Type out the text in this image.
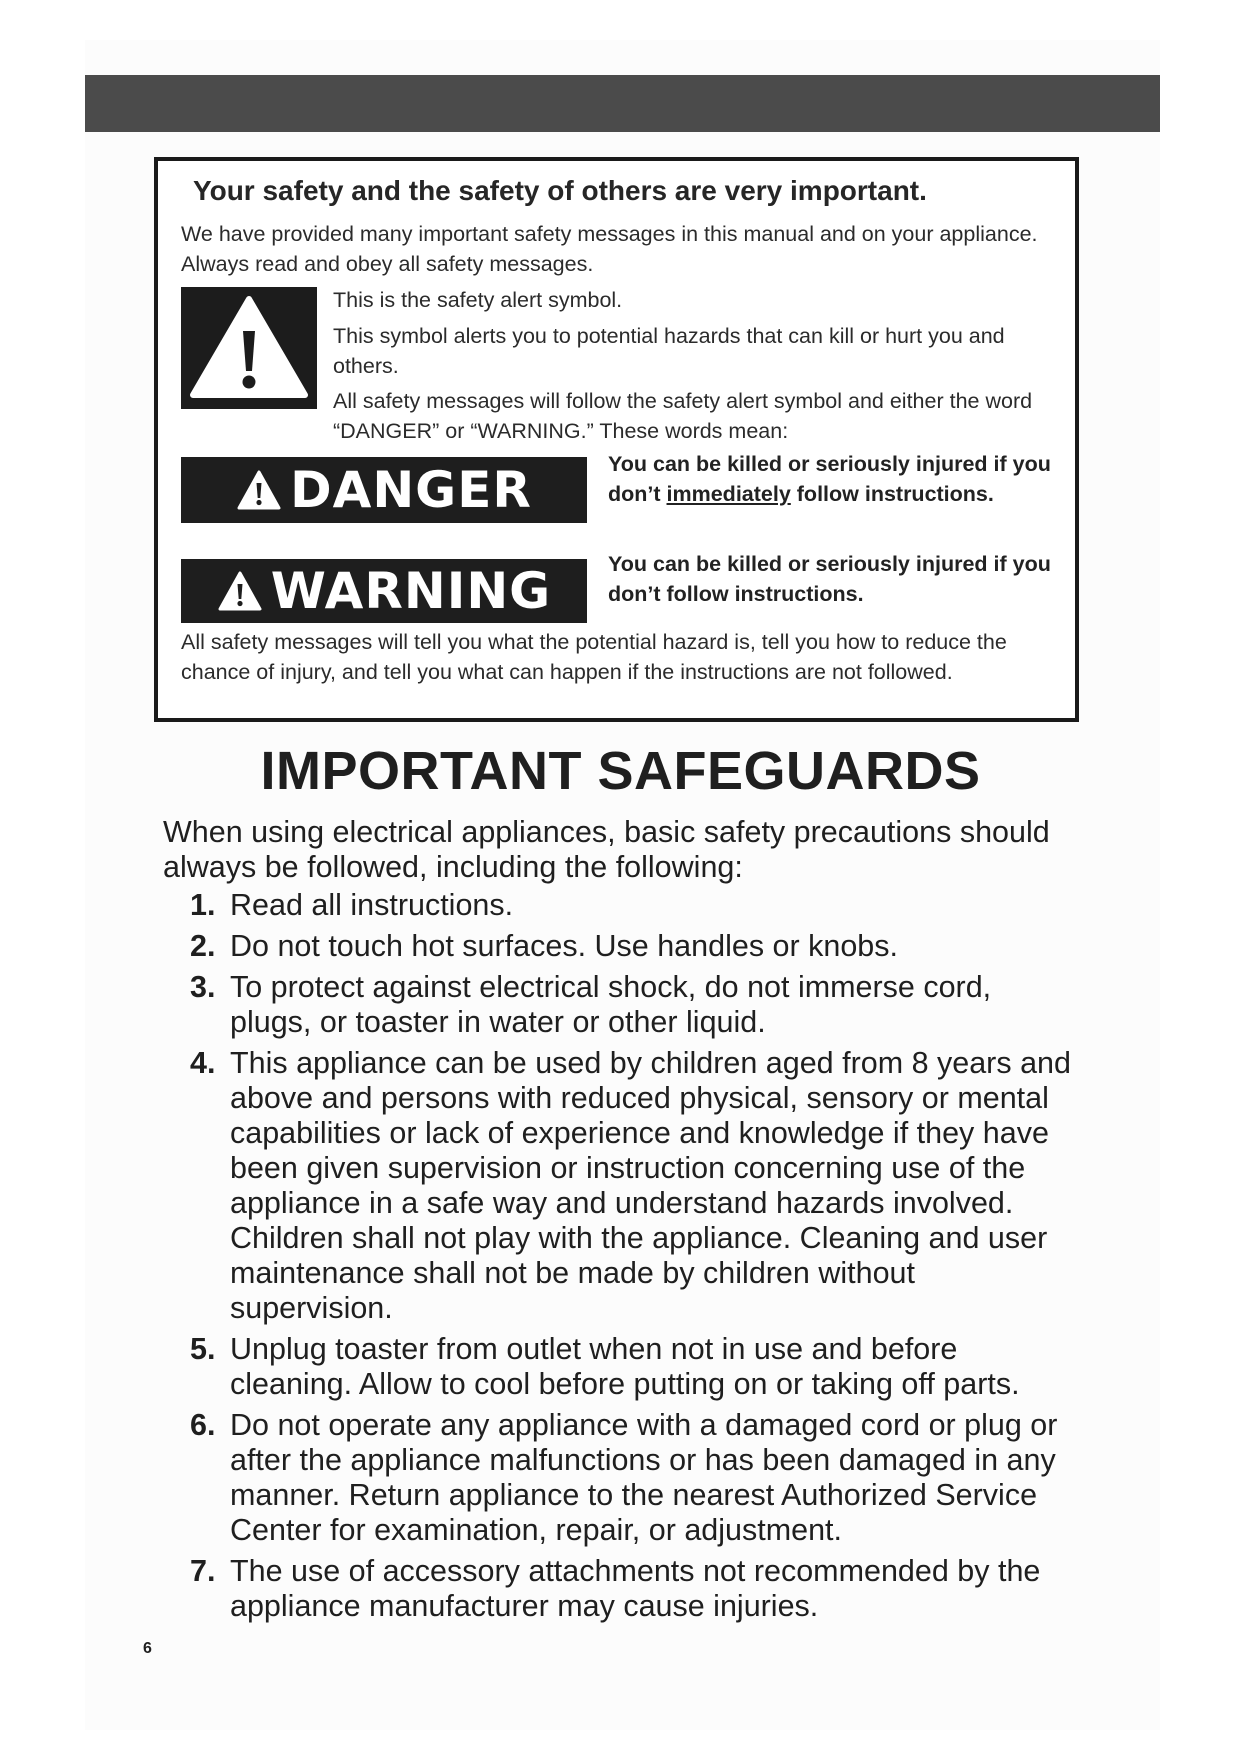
Your safety and the safety of others are very important.
We have provided many important safety messages in this manual and on your appliance. Always read and obey all safety messages.
This is the safety alert symbol.
This symbol alerts you to potential hazards that can kill or hurt you and others.
All safety messages will follow the safety alert symbol and either the word “DANGER” or “WARNING.” These words mean:
DANGER	You can be killed or seriously injured if you don’t immediately follow instructions.
WARNING	You can be killed or seriously injured if you don’t follow instructions.
All safety messages will tell you what the potential hazard is, tell you how to reduce the chance of injury, and tell you what can happen if the instructions are not followed.
IMPORTANT SAFEGUARDS
When using electrical appliances, basic safety precautions should always be followed, including the following:
1. Read all instructions.
2. Do not touch hot surfaces. Use handles or knobs.
3. To protect against electrical shock, do not immerse cord, plugs, or toaster in water or other liquid.
4. This appliance can be used by children aged from 8 years and above and persons with reduced physical, sensory or mental capabilities or lack of experience and knowledge if they have been given supervision or instruction concerning use of the appliance in a safe way and understand hazards involved. Children shall not play with the appliance. Cleaning and user maintenance shall not be made by children without supervision.
5. Unplug toaster from outlet when not in use and before cleaning. Allow to cool before putting on or taking off parts.
6. Do not operate any appliance with a damaged cord or plug or after the appliance malfunctions or has been damaged in any manner. Return appliance to the nearest Authorized Service Center for examination, repair, or adjustment.
7. The use of accessory attachments not recommended by the appliance manufacturer may cause injuries.
6
